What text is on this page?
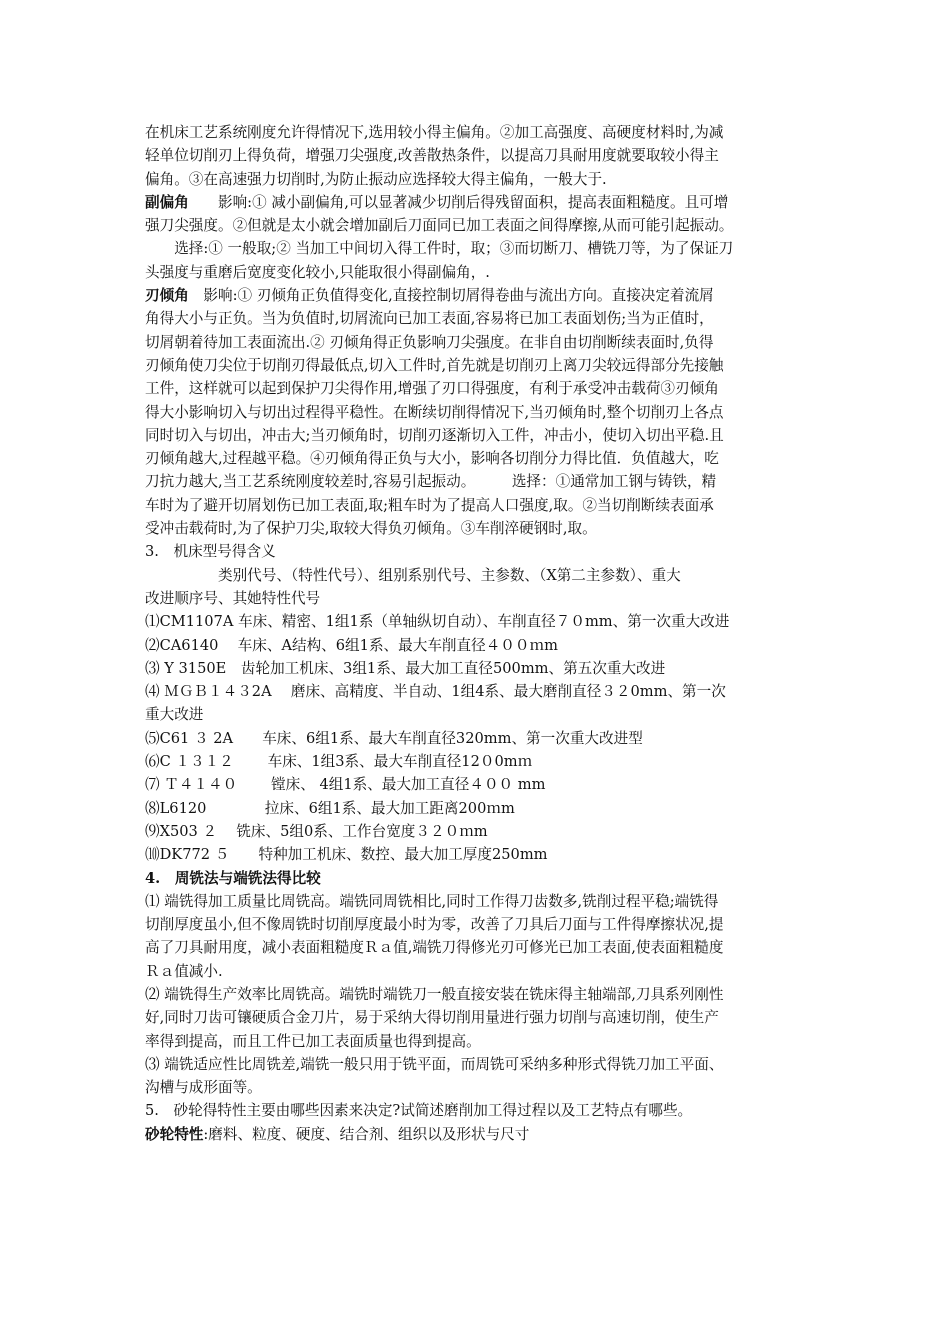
在机床工艺系统刚度允许得情况下,选用较小得主偏角。②加工高强度、高硬度材料时,为减

轻单位切削刃上得负荷，增强刀尖强度,改善散热条件，以提高刀具耐用度就要取较小得主

偏角。③在高速强力切削时,为防止振动应选择较大得主偏角，一般大于.

副偏角　　影响:① 减小副偏角,可以显著减少切削后得残留面积，提高表面粗糙度。且可增

强刀尖强度。②但就是太小就会增加副后刀面同已加工表面之间得摩擦,从而可能引起振动。

　　选择:① 一般取;② 当加工中间切入得工件时，取；③而切断刀、槽铣刀等，为了保证刀

头强度与重磨后宽度变化较小,只能取很小得副偏角，.

刃倾角　影响:① 刃倾角正负值得变化,直接控制切屑得卷曲与流出方向。直接决定着流屑

角得大小与正负。当为负值时,切屑流向已加工表面,容易将已加工表面划伤;当为正值时，

切屑朝着待加工表面流出.② 刃倾角得正负影响刀尖强度。在非自由切削断续表面时,负得

刃倾角使刀尖位于切削刃得最低点,切入工件时,首先就是切削刃上离刀尖较远得部分先接触

工件，这样就可以起到保护刀尖得作用,增强了刃口得强度，有利于承受冲击载荷③刃倾角

得大小影响切入与切出过程得平稳性。在断续切削得情况下,当刃倾角时,整个切削刃上各点

同时切入与切出，冲击大;当刃倾角时，切削刃逐渐切入工件，冲击小，使切入切出平稳.且

刃倾角越大,过程越平稳。④刃倾角得正负与大小，影响各切削分力得比值．负值越大，吃

刀抗力越大,当工艺系统刚度较差时,容易引起振动。　　　选择：①通常加工钢与铸铁，精

车时为了避开切屑划伤已加工表面,取;粗车时为了提高人口强度,取。②当切削断续表面承

受冲击载荷时,为了保护刀尖,取较大得负刃倾角。③车削淬硬钢时,取。

3.　机床型号得含义

　　　　　类别代号、（特性代号）、组别系别代号、主参数、（X第二主参数）、重大

改进顺序号、其她特性代号

⑴CM1107A 车床、精密、1组1系（单轴纵切自动）、车削直径７０mm、第一次重大改进

⑵CA6140　 车床、A结构、6组1系、最大车削直径４００ｍm

⑶ Y 3150E　齿轮加工机床、3组1系、最大加工直径500mm、第五次重大改进

⑷ ＭＧＢ１４３2A　 磨床、高精度、半自动、1组4系、最大磨削直径３２0mm、第一次

重大改进

⑸C61 ３ 2A　　车床、6组1系、最大车削直径320mm、第一次重大改进型

⑹C １３１２　　 车床、1组3系、最大车削直径12０0mｍ

⑺ Ｔ４１４０　　 镗床、 4组1系、最大加工直径４００ mm

⑻L6120　　　　拉床、6组1系、最大加工距离200ｍm

⑼X503 ２　 铣床、5组0系、工作台宽度３２０ｍm

⑽DK772 ５　　特种加工机床、数控、最大加工厚度250mm

4.　周铣法与端铣法得比较

⑴ 端铣得加工质量比周铣高。端铣同周铣相比,同时工作得刀齿数多,铣削过程平稳;端铣得

切削厚度虽小,但不像周铣时切削厚度最小时为零，改善了刀具后刀面与工件得摩擦状况,提

高了刀具耐用度，减小表面粗糙度Ｒａ值,端铣刀得修光刃可修光已加工表面,使表面粗糙度

Ｒａ值减小.

⑵ 端铣得生产效率比周铣高。端铣时端铣刀一般直接安装在铣床得主轴端部,刀具系列刚性

好,同时刀齿可镶硬质合金刀片，易于采纳大得切削用量进行强力切削与高速切削，使生产

率得到提高，而且工件已加工表面质量也得到提高。

⑶ 端铣适应性比周铣差,端铣一般只用于铣平面，而周铣可采纳多种形式得铣刀加工平面、

沟槽与成形面等。

5.　砂轮得特性主要由哪些因素来决定?试简述磨削加工得过程以及工艺特点有哪些。

砂轮特性:磨料、粒度、硬度、结合剂、组织以及形状与尺寸
